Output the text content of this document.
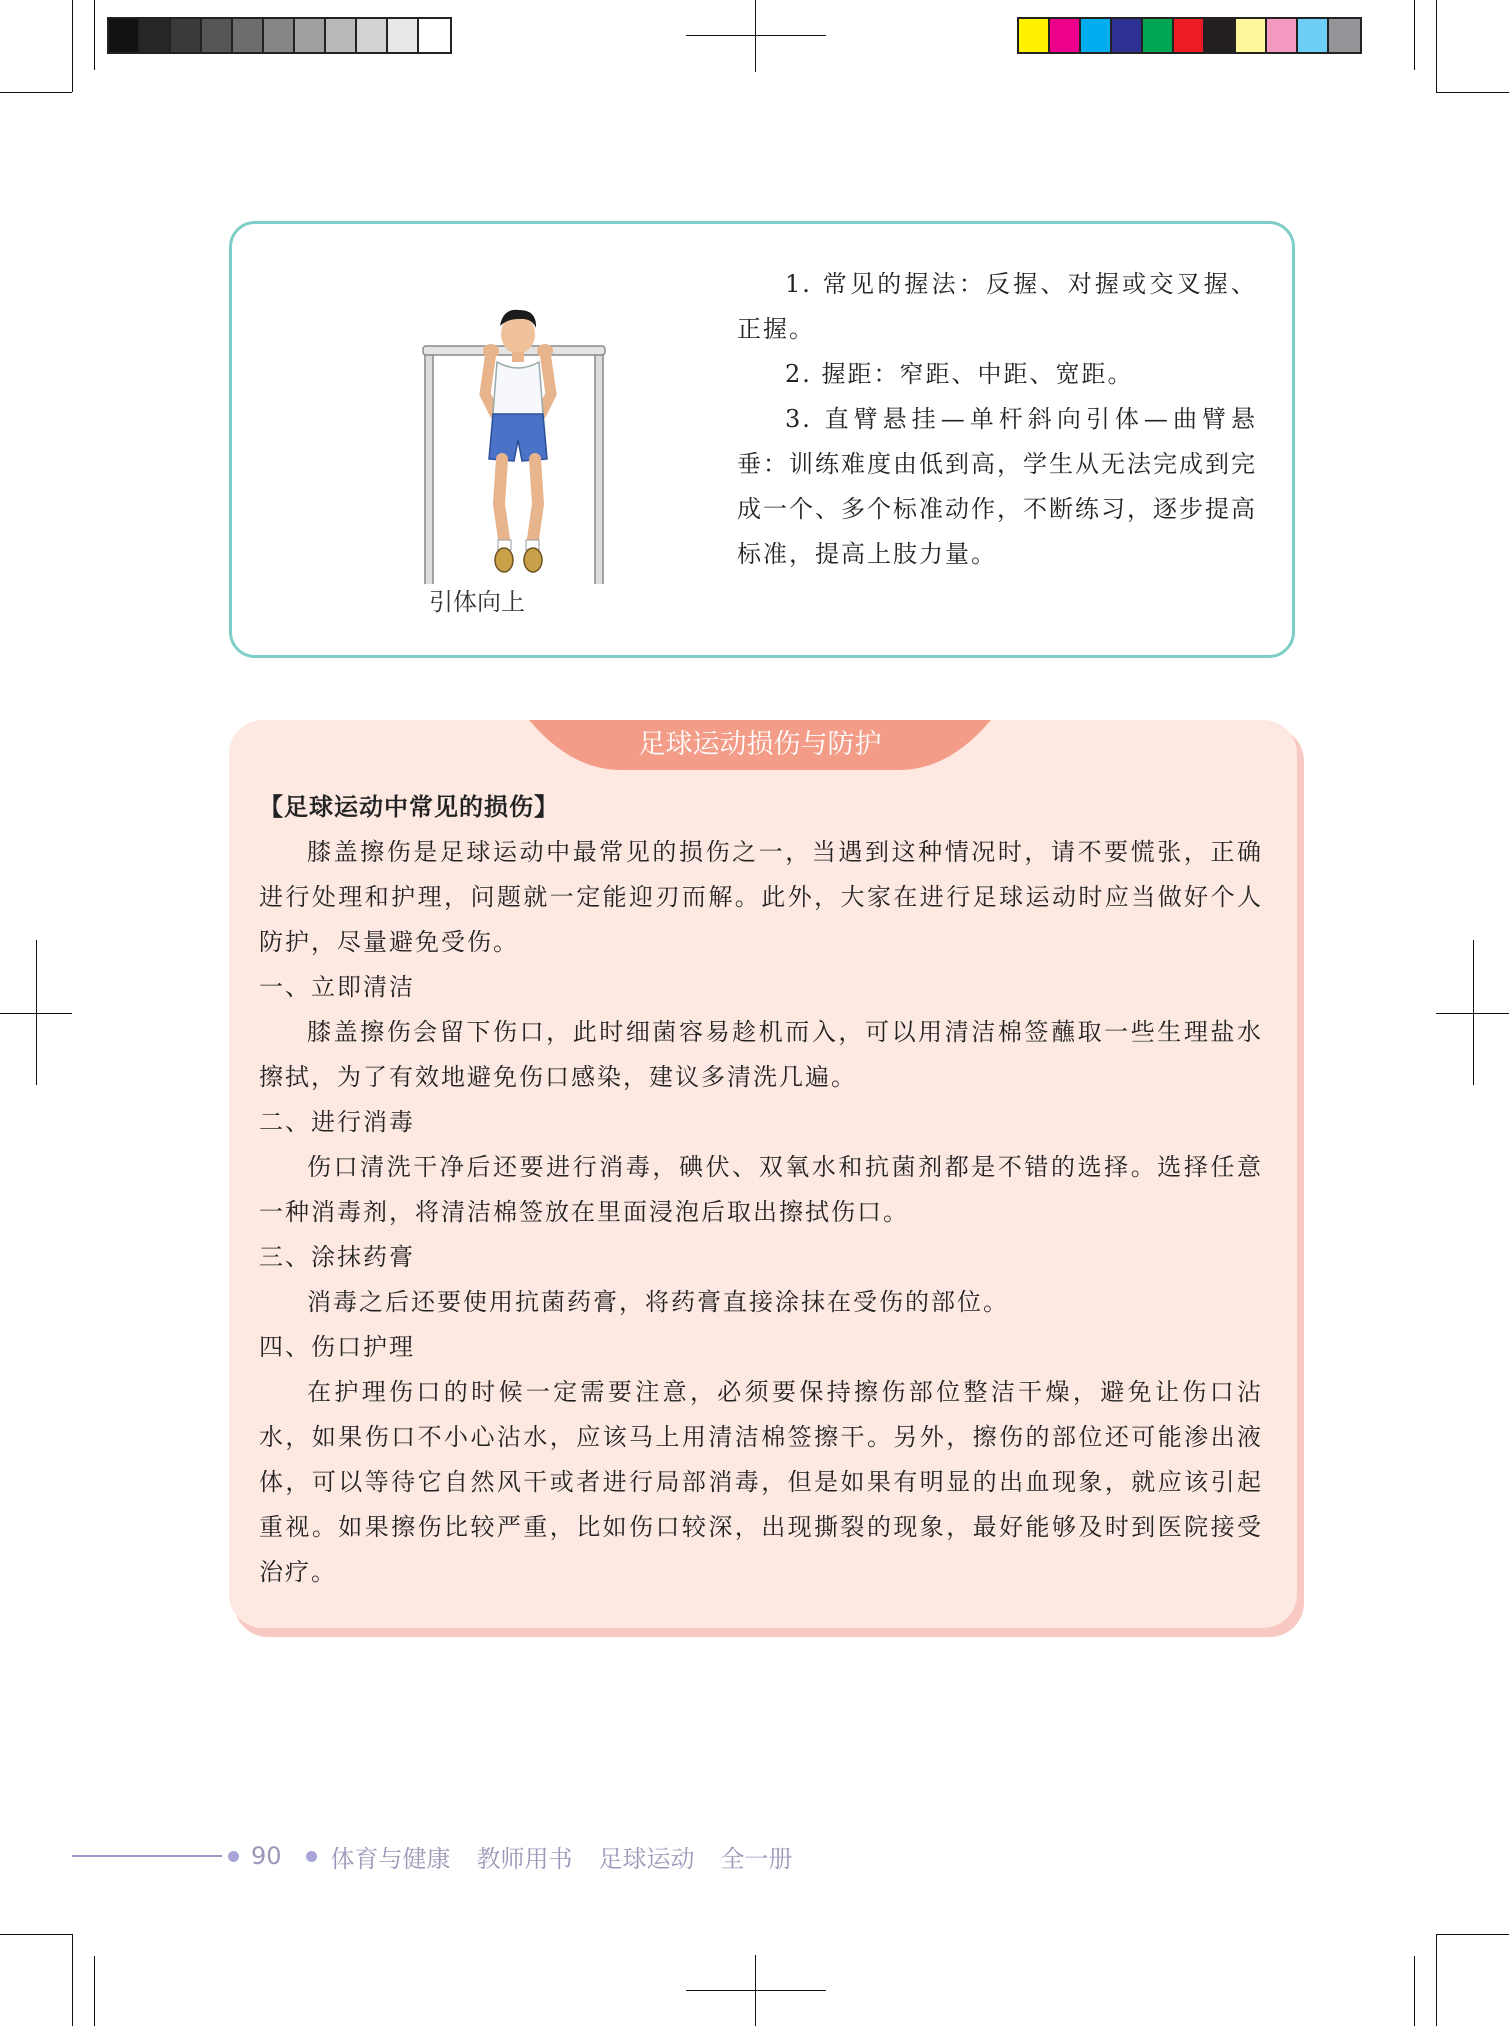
引体向上

1. 常见的握法：反握、对握或交叉握、正握。

2. 握距：窄距、中距、宽距。

3. 直臂悬挂—单杆斜向引体—曲臂悬垂：训练难度由低到高，学生从无法完成到完成一个、多个标准动作，不断练习，逐步提高标准，提高上肢力量。

足球运动损伤与防护

【足球运动中常见的损伤】

膝盖擦伤是足球运动中最常见的损伤之一，当遇到这种情况时，请不要慌张，正确进行处理和护理，问题就一定能迎刃而解。此外，大家在进行足球运动时应当做好个人防护，尽量避免受伤。

一、立即清洁

膝盖擦伤会留下伤口，此时细菌容易趁机而入，可以用清洁棉签蘸取一些生理盐水擦拭，为了有效地避免伤口感染，建议多清洗几遍。

二、进行消毒

伤口清洗干净后还要进行消毒，碘伏、双氧水和抗菌剂都是不错的选择。选择任意一种消毒剂，将清洁棉签放在里面浸泡后取出擦拭伤口。

三、涂抹药膏

消毒之后还要使用抗菌药膏，将药膏直接涂抹在受伤的部位。

四、伤口护理

在护理伤口的时候一定需要注意，必须要保持擦伤部位整洁干燥，避免让伤口沾水，如果伤口不小心沾水，应该马上用清洁棉签擦干。另外，擦伤的部位还可能渗出液体，可以等待它自然风干或者进行局部消毒，但是如果有明显的出血现象，就应该引起重视。如果擦伤比较严重，比如伤口较深，出现撕裂的现象，最好能够及时到医院接受治疗。

90 体育与健康 教师用书 足球运动 全一册
